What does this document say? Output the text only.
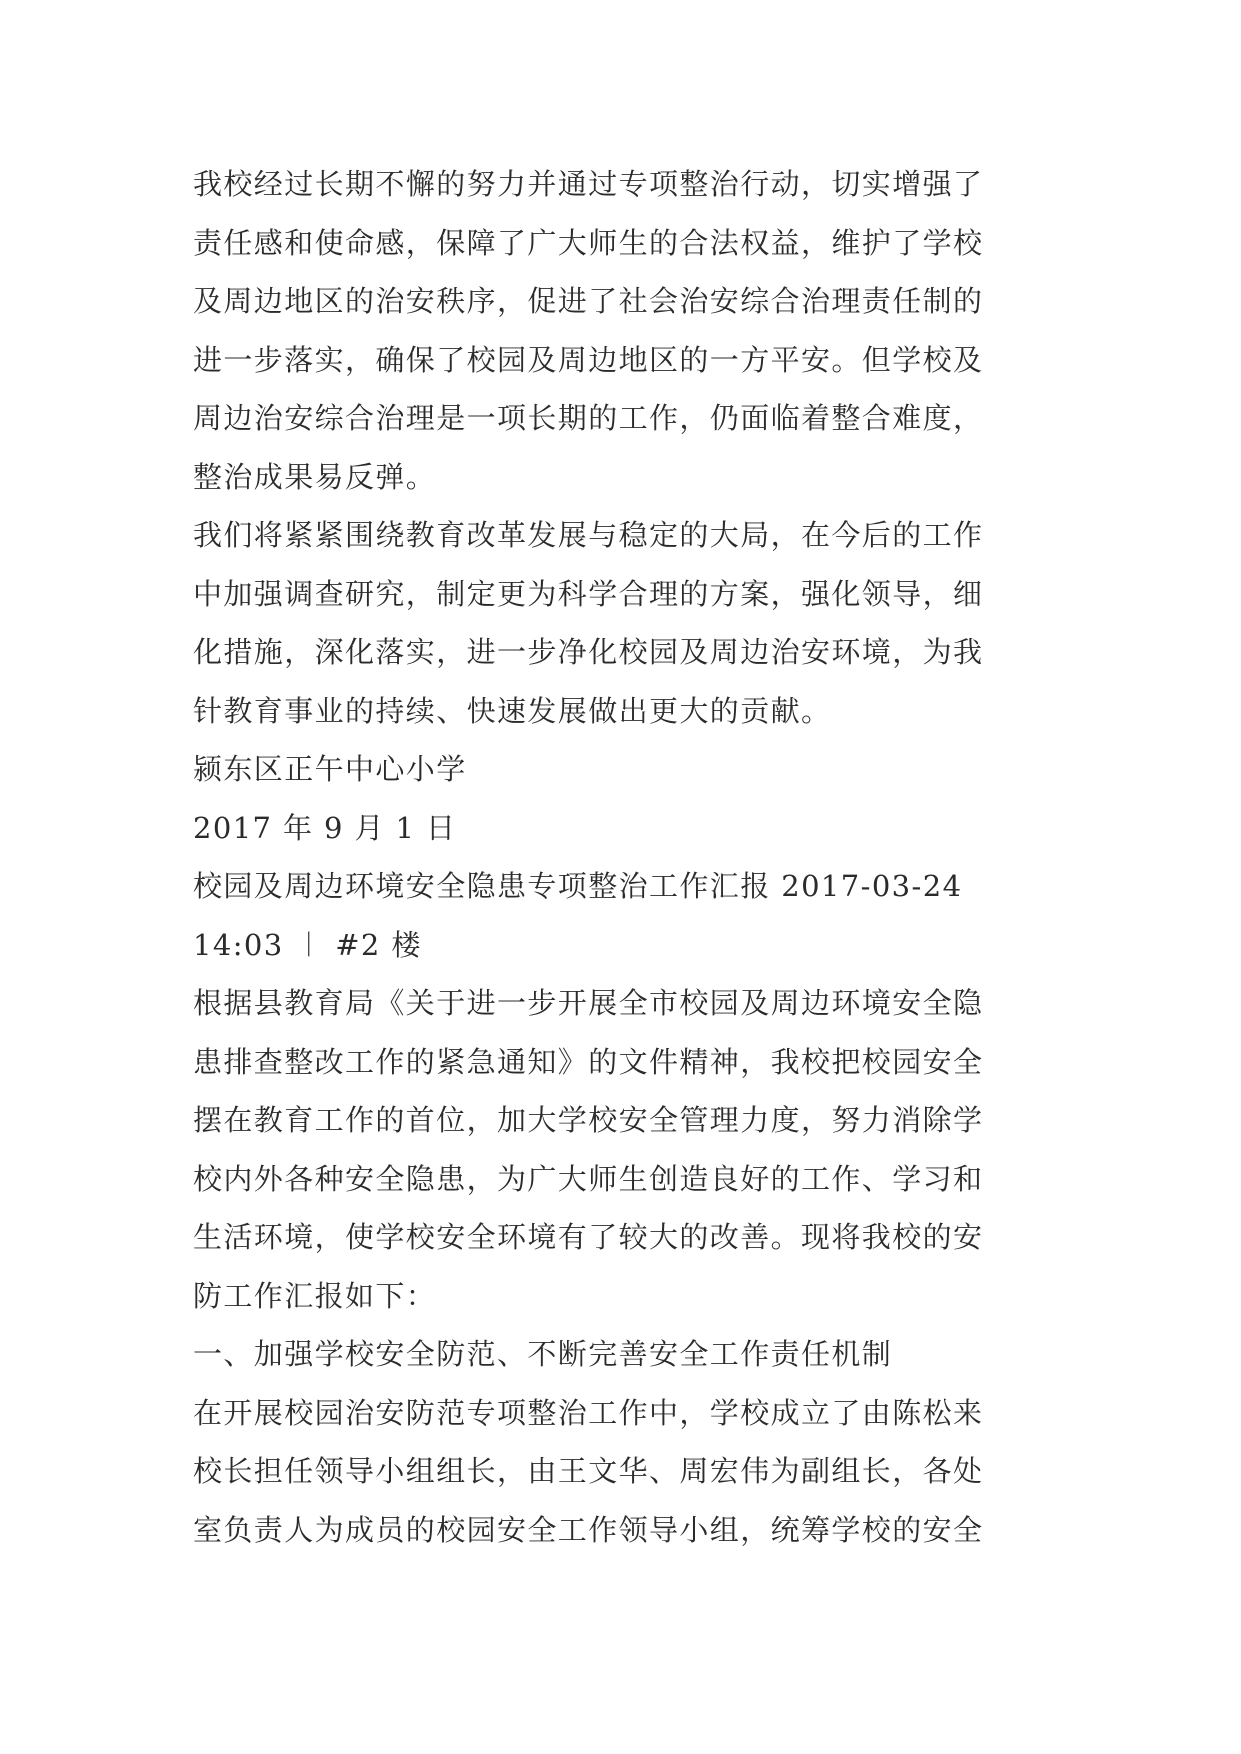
我校经过长期不懈的努力并通过专项整治行动，切实增强了
责任感和使命感，保障了广大师生的合法权益，维护了学校
及周边地区的治安秩序，促进了社会治安综合治理责任制的
进一步落实，确保了校园及周边地区的一方平安。但学校及
周边治安综合治理是一项长期的工作，仍面临着整合难度，
整治成果易反弹。
我们将紧紧围绕教育改革发展与稳定的大局，在今后的工作
中加强调查研究，制定更为科学合理的方案，强化领导，细
化措施，深化落实，进一步净化校园及周边治安环境，为我
针教育事业的持续、快速发展做出更大的贡献。
颍东区正午中心小学
2017 年 9 月 1 日
校园及周边环境安全隐患专项整治工作汇报 2017-03-24
14:03 ︱ #2 楼
根据县教育局《关于进一步开展全市校园及周边环境安全隐
患排查整改工作的紧急通知》的文件精神，我校把校园安全
摆在教育工作的首位，加大学校安全管理力度，努力消除学
校内外各种安全隐患，为广大师生创造良好的工作、学习和
生活环境，使学校安全环境有了较大的改善。现将我校的安
防工作汇报如下：
一、加强学校安全防范、不断完善安全工作责任机制
在开展校园治安防范专项整治工作中，学校成立了由陈松来
校长担任领导小组组长，由王文华、周宏伟为副组长，各处
室负责人为成员的校园安全工作领导小组，统筹学校的安全
